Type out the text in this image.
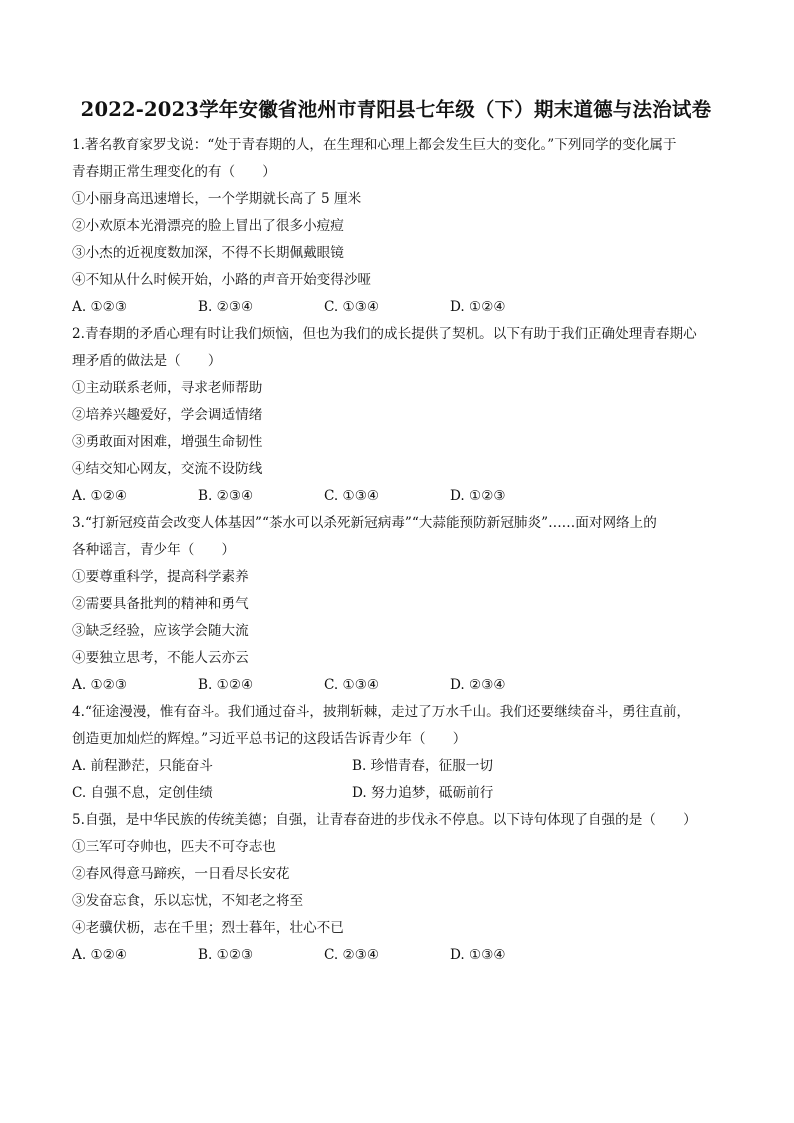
2022-2023学年安徽省池州市青阳县七年级（下）期末道德与法治试卷
1.著名教育家罗戈说：“处于青春期的人，在生理和心理上都会发生巨大的变化。”下列同学的变化属于
青春期正常生理变化的有（　　）
①小丽身高迅速增长，一个学期就长高了 5 厘米
②小欢原本光滑漂亮的脸上冒出了很多小痘痘
③小杰的近视度数加深，不得不长期佩戴眼镜
④不知从什么时候开始，小路的声音开始变得沙哑
A. ①②③	B. ②③④	C. ①③④	D. ①②④
2.青春期的矛盾心理有时让我们烦恼，但也为我们的成长提供了契机。以下有助于我们正确处理青春期心
理矛盾的做法是（　　）
①主动联系老师，寻求老师帮助
②培养兴趣爱好，学会调适情绪
③勇敢面对困难，增强生命韧性
④结交知心网友，交流不设防线
A. ①②④	B. ②③④	C. ①③④	D. ①②③
3.“打新冠疫苗会改变人体基因”“茶水可以杀死新冠病毒”“大蒜能预防新冠肺炎”……面对网络上的
各种谣言，青少年（　　）
①要尊重科学，提高科学素养
②需要具备批判的精神和勇气
③缺乏经验，应该学会随大流
④要独立思考，不能人云亦云
A. ①②③	B. ①②④	C. ①③④	D. ②③④
4.“征途漫漫，惟有奋斗。我们通过奋斗，披荆斩棘，走过了万水千山。我们还要继续奋斗，勇往直前，
创造更加灿烂的辉煌。”习近平总书记的这段话告诉青少年（　　）
A. 前程渺茫，只能奋斗	B. 珍惜青春，征服一切
C. 自强不息，定创佳绩	D. 努力追梦，砥砺前行
5.自强，是中华民族的传统美德；自强，让青春奋进的步伐永不停息。以下诗句体现了自强的是（　　）
①三军可夺帅也，匹夫不可夺志也
②春风得意马蹄疾，一日看尽长安花
③发奋忘食，乐以忘忧，不知老之将至
④老骥伏枥，志在千里；烈士暮年，壮心不已
A. ①②④	B. ①②③	C. ②③④	D. ①③④
